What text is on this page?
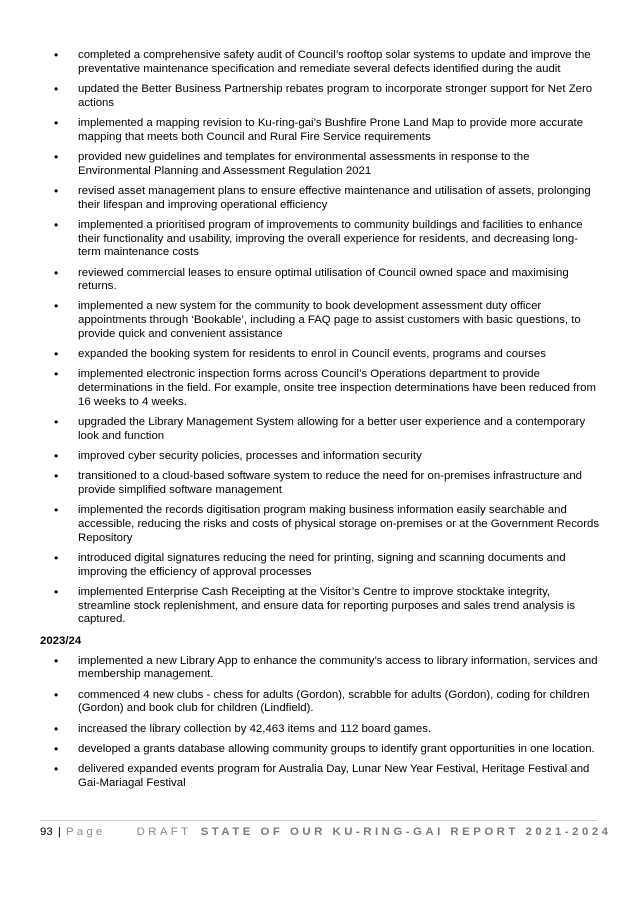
• completed a comprehensive safety audit of Council’s rooftop solar systems to update and improve the preventative maintenance specification and remediate several defects identified during the audit
• updated the Better Business Partnership rebates program to incorporate stronger support for Net Zero actions
• implemented a mapping revision to Ku-ring-gai’s Bushfire Prone Land Map to provide more accurate mapping that meets both Council and Rural Fire Service requirements
• provided new guidelines and templates for environmental assessments in response to the Environmental Planning and Assessment Regulation 2021
• revised asset management plans to ensure effective maintenance and utilisation of assets, prolonging their lifespan and improving operational efficiency
• implemented a prioritised program of improvements to community buildings and facilities to enhance their functionality and usability, improving the overall experience for residents, and decreasing long-term maintenance costs
• reviewed commercial leases to ensure optimal utilisation of Council owned space and maximising returns.
• implemented a new system for the community to book development assessment duty officer appointments through ‘Bookable’, including a FAQ page to assist customers with basic questions, to provide quick and convenient assistance
• expanded the booking system for residents to enrol in Council events, programs and courses
• implemented electronic inspection forms across Council’s Operations department to provide determinations in the field. For example, onsite tree inspection determinations have been reduced from 16 weeks to 4 weeks.
• upgraded the Library Management System allowing for a better user experience and a contemporary look and function
• improved cyber security policies, processes and information security
• transitioned to a cloud-based software system to reduce the need for on-premises infrastructure and provide simplified software management
• implemented the records digitisation program making business information easily searchable and accessible, reducing the risks and costs of physical storage on-premises or at the Government Records Repository
• introduced digital signatures reducing the need for printing, signing and scanning documents and improving the efficiency of approval processes
• implemented Enterprise Cash Receipting at the Visitor’s Centre to improve stocktake integrity, streamline stock replenishment, and ensure data for reporting purposes and sales trend analysis is captured.
2023/24
• implemented a new Library App to enhance the community’s access to library information, services and membership management.
• commenced 4 new clubs - chess for adults (Gordon), scrabble for adults (Gordon), coding for children (Gordon) and book club for children (Lindfield).
• increased the library collection by 42,463 items and 112 board games.
• developed a grants database allowing community groups to identify grant opportunities in one location.
• delivered expanded events program for Australia Day, Lunar New Year Festival, Heritage Festival and Gai-Mariagal Festival
93 | Page	DRAFT STATE OF OUR KU-RING-GAI REPORT 2021-2024
